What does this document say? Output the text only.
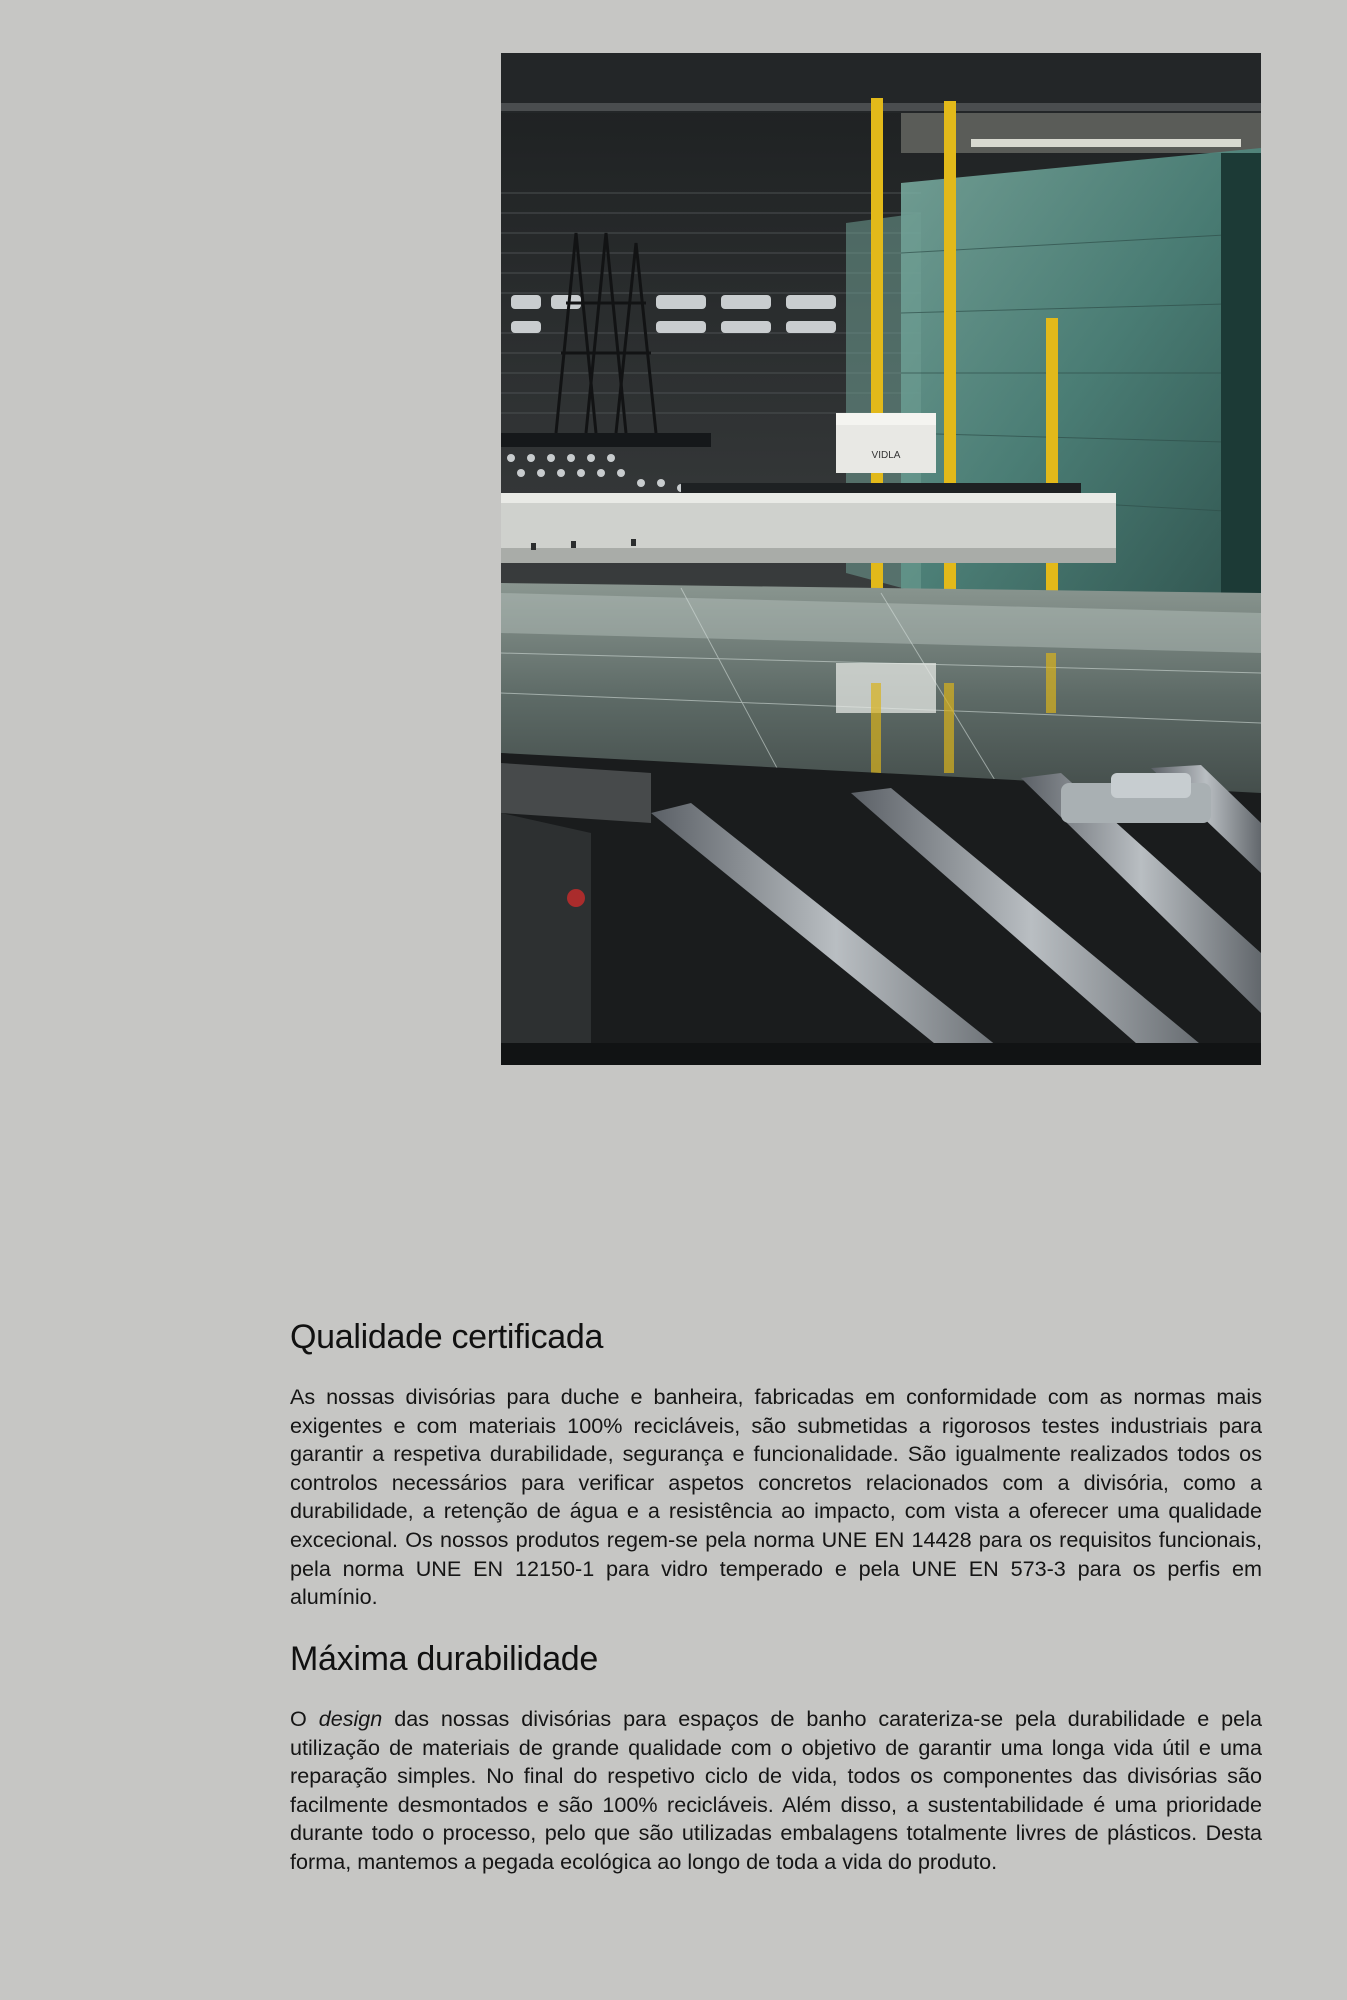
VIDLA
Qualidade certificada

As nossas divisórias para duche e banheira, fabricadas em conformidade com as normas mais exigentes e com materiais 100% recicláveis, são submetidas a rigorosos testes industriais para garantir a respetiva durabilidade, segurança e funcionalidade. São igualmente realizados todos os controlos necessários para verificar aspetos concretos relacionados com a divisória, como a durabilidade, a retenção de água e a resistência ao impacto, com vista a oferecer uma qualidade excecional. Os nossos produtos regem-se pela norma UNE EN 14428 para os requisitos funcionais, pela norma UNE EN 12150-1 para vidro temperado e pela UNE EN 573-3 para os perfis em alumínio.

Máxima durabilidade

O design das nossas divisórias para espaços de banho carateriza-se pela durabilidade e pela utilização de materiais de grande qualidade com o objetivo de garantir uma longa vida útil e uma reparação simples. No final do respetivo ciclo de vida, todos os componentes das divisórias são facilmente desmontados e são 100% recicláveis. Além disso, a sustentabilidade é uma prioridade durante todo o processo, pelo que são utilizadas embalagens totalmente livres de plásticos. Desta forma, mantemos a pegada ecológica ao longo de toda a vida do produto.
